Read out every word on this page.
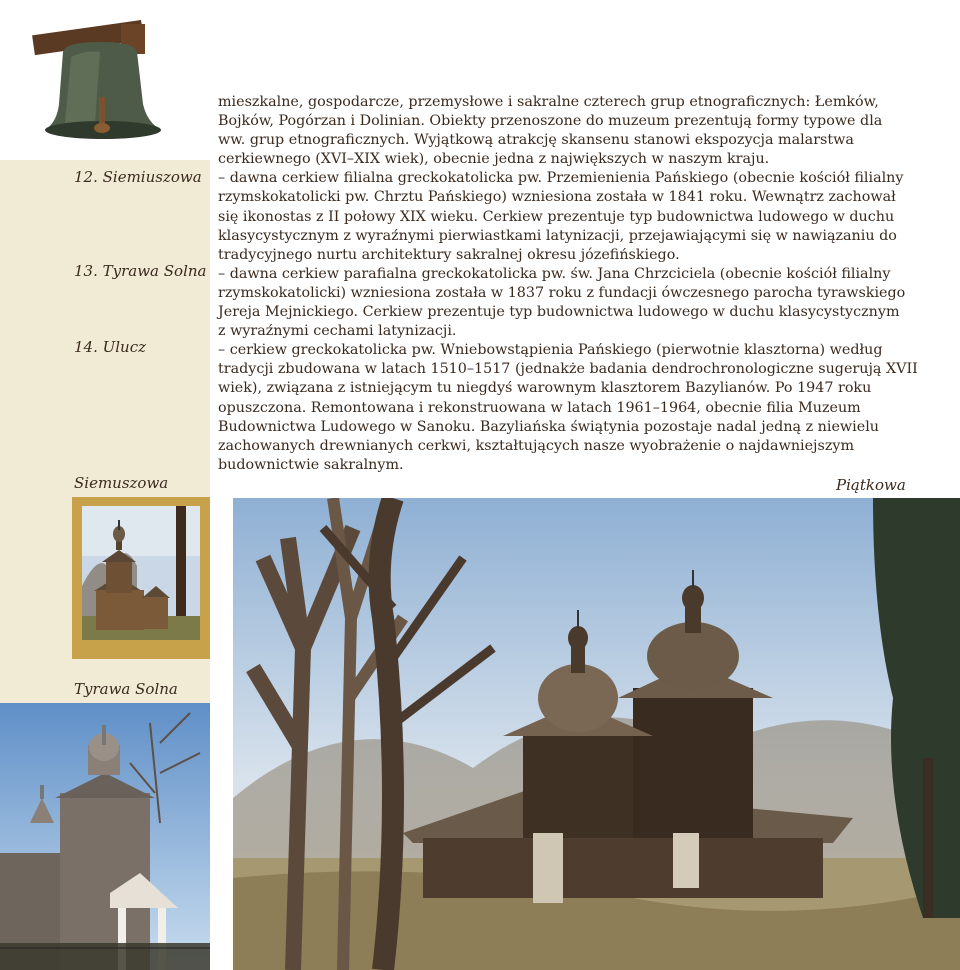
12. Siemiuszowa
13. Tyrawa Solna
14. Ulucz
mieszkalne, gospodarcze, przemysłowe i sakralne czterech grup etnograficznych: Łemków,
Bojków, Pogórzan i Dolinian. Obiekty przenoszone do muzeum prezentują formy typowe dla
ww. grup etnograficznych. Wyjątkową atrakcję skansenu stanowi ekspozycja malarstwa
cerkiewnego (XVI–XIX wiek), obecnie jedna z największych w naszym kraju.
– dawna cerkiew filialna greckokatolicka pw. Przemienienia Pańskiego (obecnie kościół filialny
rzymskokatolicki pw. Chrztu Pańskiego) wzniesiona została w 1841 roku. Wewnątrz zachował
się ikonostas z II połowy XIX wieku. Cerkiew prezentuje typ budownictwa ludowego w duchu
klasycystycznym z wyraźnymi pierwiastkami latynizacji, przejawiającymi się w nawiązaniu do
tradycyjnego nurtu architektury sakralnej okresu józefińskiego.
– dawna cerkiew parafialna greckokatolicka pw. św. Jana Chrzciciela (obecnie kościół filialny
rzymskokatolicki) wzniesiona została w 1837 roku z fundacji ówczesnego parocha tyrawskiego
Jereja Mejnickiego. Cerkiew prezentuje typ budownictwa ludowego w duchu klasycystycznym
z wyraźnymi cechami latynizacji.
– cerkiew greckokatolicka pw. Wniebowstąpienia Pańskiego (pierwotnie klasztorna) według
tradycji zbudowana w latach 1510–1517 (jednakże badania dendrochronologiczne sugerują XVII
wiek), związana z istniejącym tu niegdyś warownym klasztorem Bazylianów. Po 1947 roku
opuszczona. Remontowana i rekonstruowana w latach 1961–1964, obecnie filia Muzeum
Budownictwa Ludowego w Sanoku. Bazyliańska świątynia pozostaje nadal jedną z niewielu
zachowanych drewnianych cerkwi, kształtujących nasze wyobrażenie o najdawniejszym
budownictwie sakralnym.
Siemuszowa
Tyrawa Solna
Piątkowa
